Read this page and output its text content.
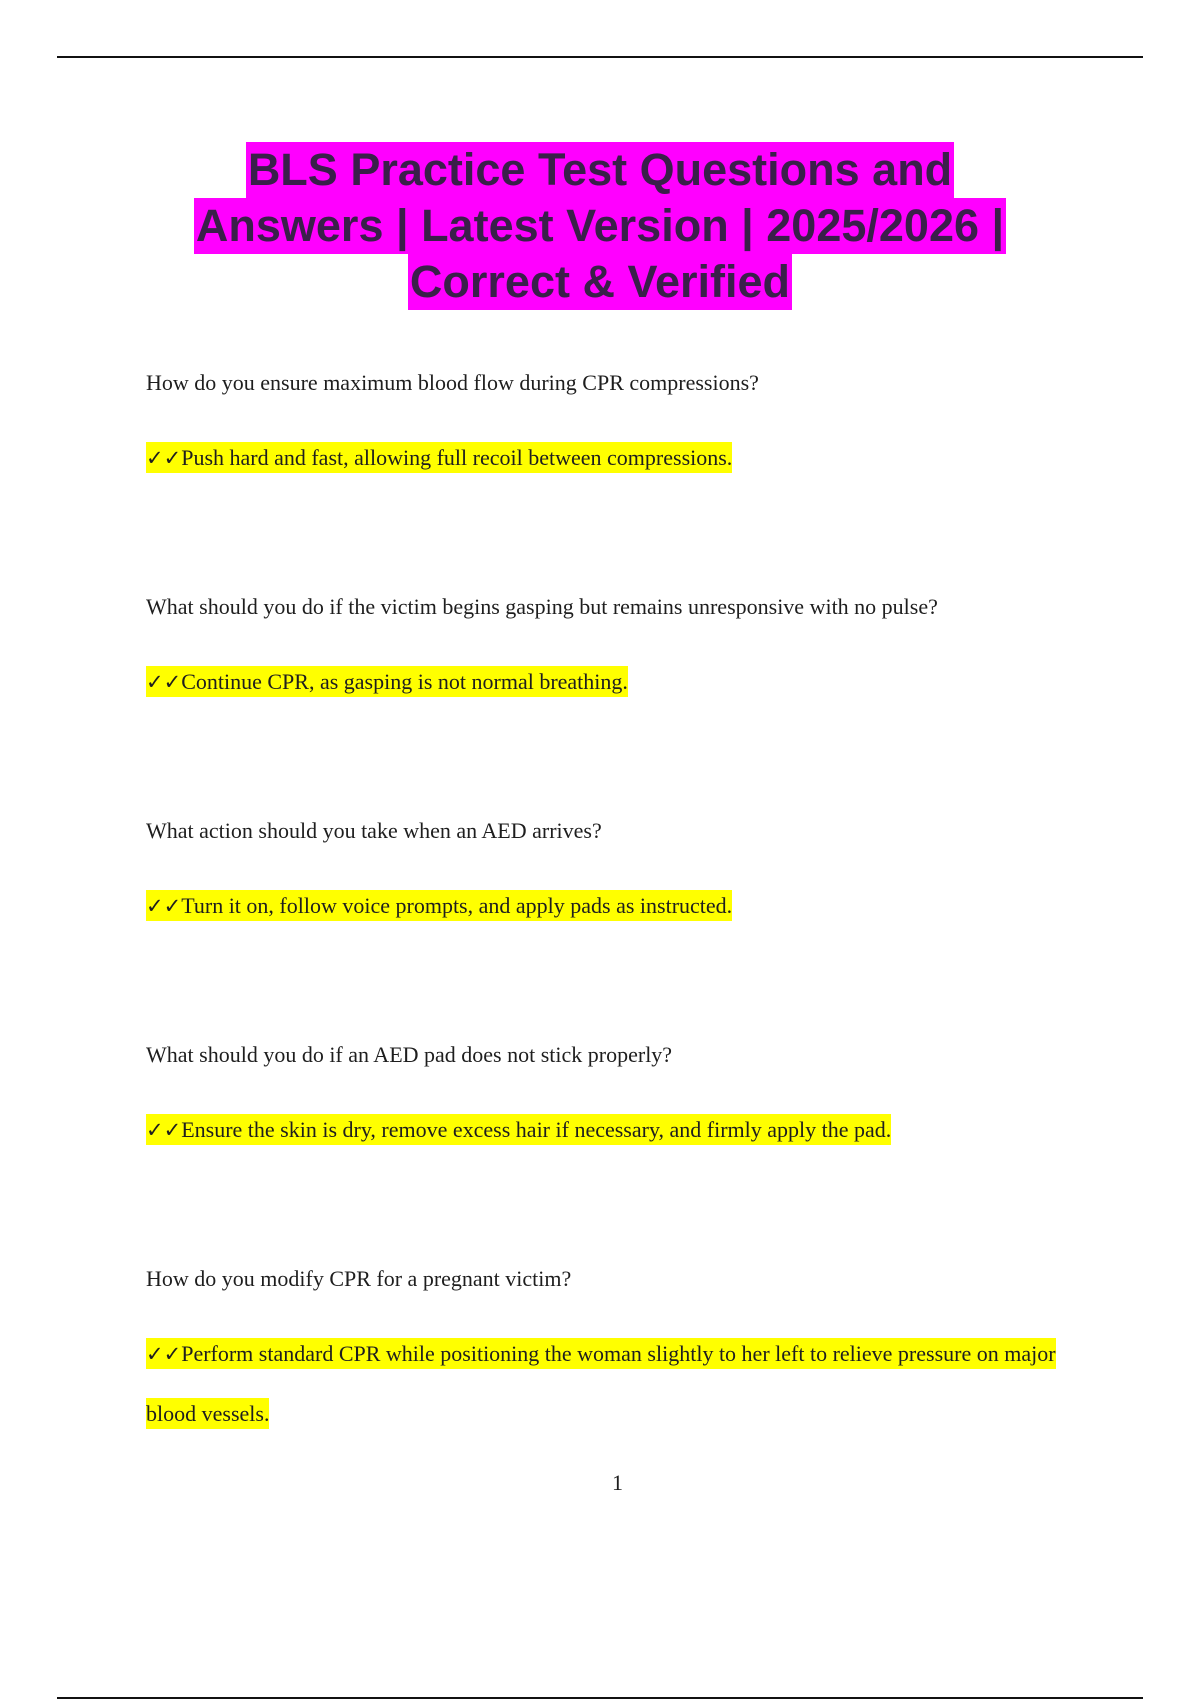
BLS Practice Test Questions and
Answers | Latest Version | 2025/2026 |
Correct & Verified

How do you ensure maximum blood flow during CPR compressions?

✓✓Push hard and fast, allowing full recoil between compressions.

What should you do if the victim begins gasping but remains unresponsive with no pulse?

✓✓Continue CPR, as gasping is not normal breathing.

What action should you take when an AED arrives?

✓✓Turn it on, follow voice prompts, and apply pads as instructed.

What should you do if an AED pad does not stick properly?

✓✓Ensure the skin is dry, remove excess hair if necessary, and firmly apply the pad.

How do you modify CPR for a pregnant victim?

✓✓Perform standard CPR while positioning the woman slightly to her left to relieve pressure on major blood vessels.

1
